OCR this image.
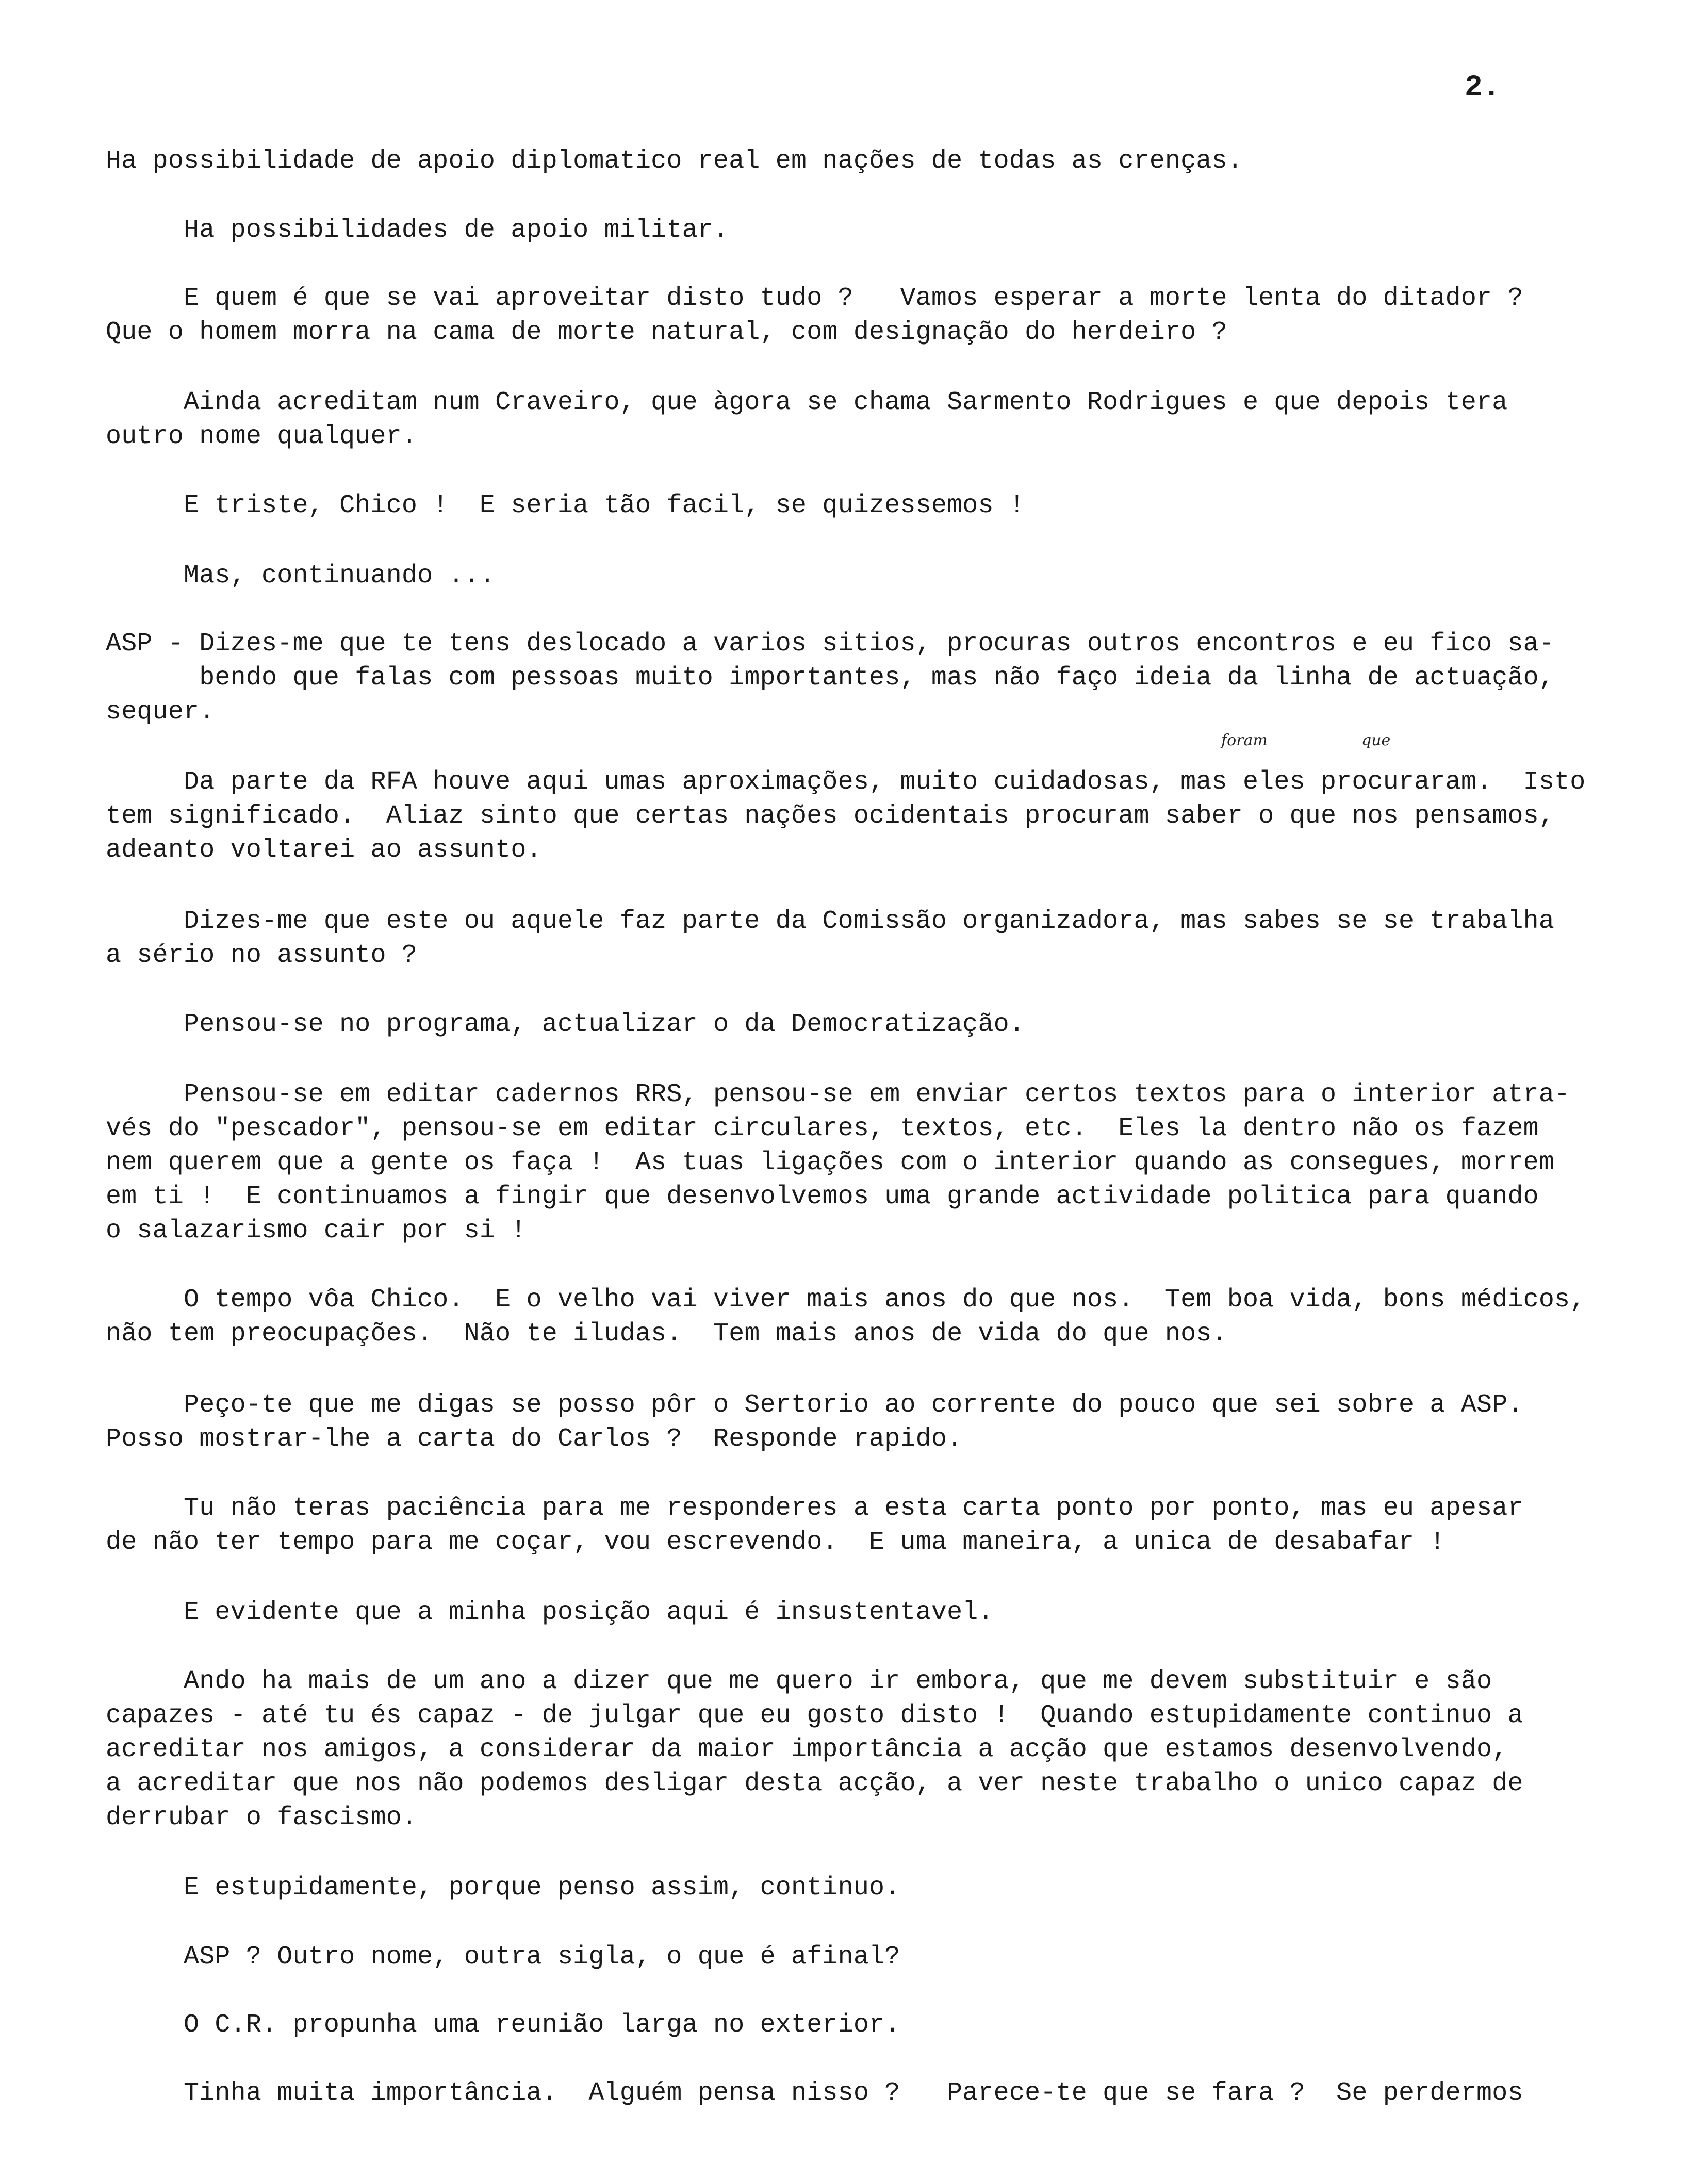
2.
Ha possibilidade de apoio diplomatico real em nações de todas as crenças.
Ha possibilidades de apoio militar.
E quem é que se vai aproveitar disto tudo ?   Vamos esperar a morte lenta do ditador ?
Que o homem morra na cama de morte natural, com designação do herdeiro ?
Ainda acreditam num Craveiro, que àgora se chama Sarmento Rodrigues e que depois tera
outro nome qualquer.
E triste, Chico !  E seria tão facil, se quizessemos !
Mas, continuando ...
ASP - Dizes-me que te tens deslocado a varios sitios, procuras outros encontros e eu fico sa-
bendo que falas com pessoas muito importantes, mas não faço ideia da linha de actuação,
sequer.
Da parte da RFA houve aqui umas aproximações, muito cuidadosas, mas eles procuraram.  Isto
tem significado.  Aliaz sinto que certas nações ocidentais procuram saber o que nos pensamos,
adeanto voltarei ao assunto.
Dizes-me que este ou aquele faz parte da Comissão organizadora, mas sabes se se trabalha
a sério no assunto ?
Pensou-se no programa, actualizar o da Democratização.
Pensou-se em editar cadernos RRS, pensou-se em enviar certos textos para o interior atra-
vés do "pescador", pensou-se em editar circulares, textos, etc.  Eles la dentro não os fazem
nem querem que a gente os faça !  As tuas ligações com o interior quando as consegues, morrem
em ti !  E continuamos a fingir que desenvolvemos uma grande actividade politica para quando
o salazarismo cair por si !
O tempo vôa Chico.  E o velho vai viver mais anos do que nos.  Tem boa vida, bons médicos,
não tem preocupações.  Não te iludas.  Tem mais anos de vida do que nos.
Peço-te que me digas se posso pôr o Sertorio ao corrente do pouco que sei sobre a ASP.
Posso mostrar-lhe a carta do Carlos ?  Responde rapido.
Tu não teras paciência para me responderes a esta carta ponto por ponto, mas eu apesar
de não ter tempo para me coçar, vou escrevendo.  E uma maneira, a unica de desabafar !
E evidente que a minha posição aqui é insustentavel.
Ando ha mais de um ano a dizer que me quero ir embora, que me devem substituir e são
capazes - até tu és capaz - de julgar que eu gosto disto !  Quando estupidamente continuo a
acreditar nos amigos, a considerar da maior importância a acção que estamos desenvolvendo,
a acreditar que nos não podemos desligar desta acção, a ver neste trabalho o unico capaz de
derrubar o fascismo.
E estupidamente, porque penso assim, continuo.
ASP ? Outro nome, outra sigla, o que é afinal?
O C.R. propunha uma reunião larga no exterior.
Tinha muita importância.  Alguém pensa nisso ?   Parece-te que se fara ?  Se perdermos
foram	que
